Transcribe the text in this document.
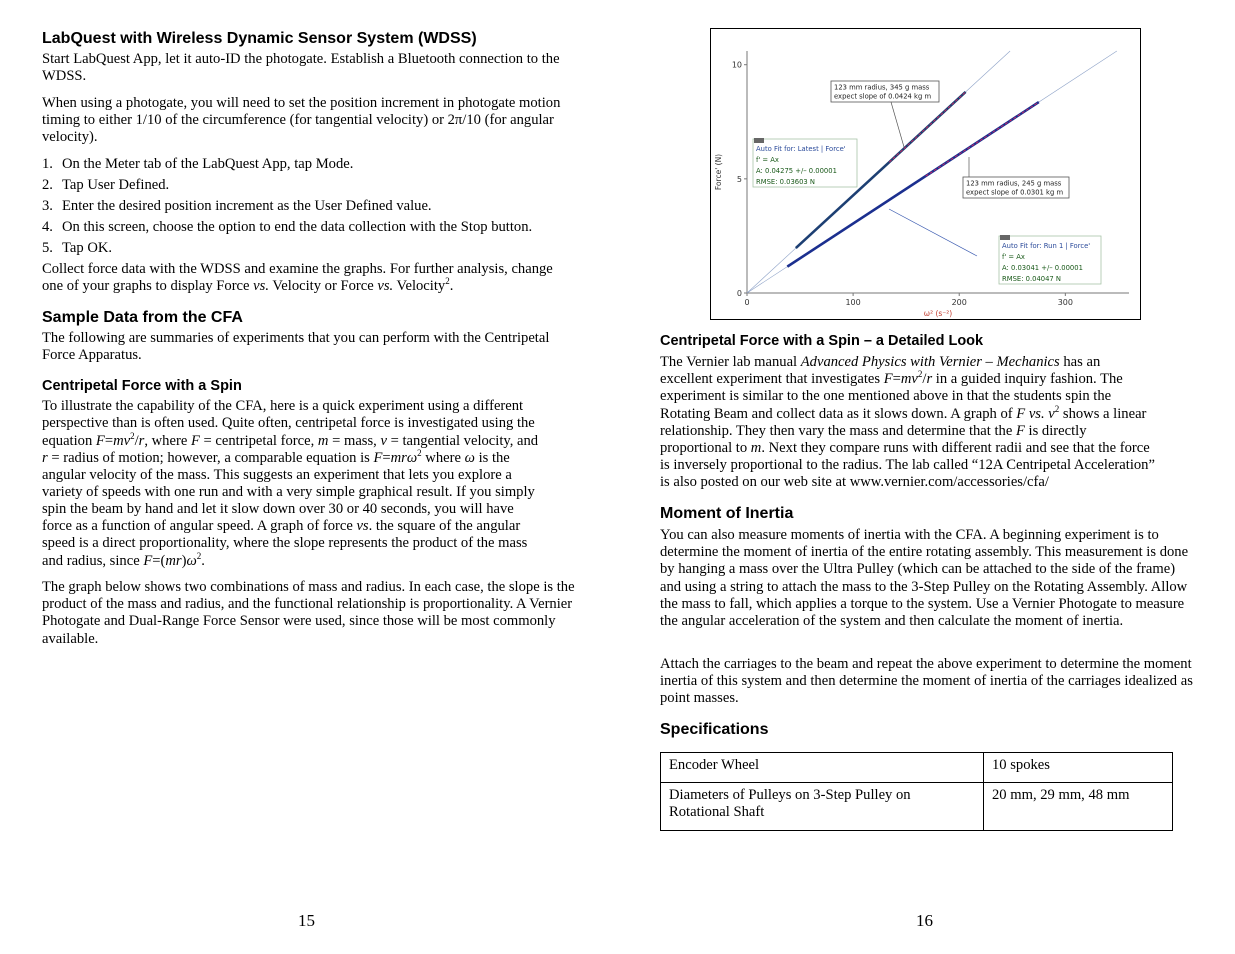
LabQuest with Wireless Dynamic Sensor System (WDSS)

Start LabQuest App, let it auto-ID the photogate. Establish a Bluetooth connection to the WDSS.

When using a photogate, you will need to set the position increment in photogate motion timing to either 1/10 of the circumference (for tangential velocity) or 2π/10 (for angular velocity).

1. On the Meter tab of the LabQuest App, tap Mode.
2. Tap User Defined.
3. Enter the desired position increment as the User Defined value.
4. On this screen, choose the option to end the data collection with the Stop button.
5. Tap OK.

Collect force data with the WDSS and examine the graphs. For further analysis, change one of your graphs to display Force vs. Velocity or Force vs. Velocity$^2$.

Sample Data from the CFA

The following are summaries of experiments that you can perform with the Centripetal Force Apparatus.

Centripetal Force with a Spin

To illustrate the capability of the CFA, here is a quick experiment using a different

perspective than is often used. Quite often, centripetal force is investigated using the

equation $F=mv^2/r$, where F = centripetal force, m = mass, v = tangential velocity, and

r = radius of motion; however, a comparable equation is F=mrω$^2$ where ω is the

angular velocity of the mass. This suggests an experiment that lets you explore a

variety of speeds with one run and with a very simple graphical result. If you simply

spin the beam by hand and let it slow down over 30 or 40 seconds, you will have

force as a function of angular speed. A graph of force vs. the square of the angular

speed is a direct proportionality, where the slope represents the product of the mass

and radius, since $F=(mr)\omega^2$.

The graph below shows two combinations of mass and radius. In each case, the slope is the product of the mass and radius, and the functional relationship is proportionality. A Vernier Photogate and Dual-Range Force Sensor were used, since those will be most commonly available.

15
0	100	200	300
0
5
10
ω² (s⁻²)
Force' (N)
123 mm radius, 345 g mass
expect slope of 0.0424 kg m
123 mm radius, 245 g mass
expect slope of 0.0301 kg m
Auto Fit for: Latest | Force'
f' = Ax
A: 0.04275 +/– 0.00001
RMSE: 0.03603 N
Auto Fit for: Run 1 | Force'
f' = Ax
A: 0.03041 +/– 0.00001
RMSE: 0.04047 N
Centripetal Force with a Spin – a Detailed Look

The Vernier lab manual Advanced Physics with Vernier – Mechanics has an

excellent experiment that investigates $F=mv^2/r$ in a guided inquiry fashion. The

experiment is similar to the one mentioned above in that the students spin the

Rotating Beam and collect data as it slows down. A graph of F vs. $v^2$ shows a linear

relationship. They then vary the mass and determine that the F is directly

proportional to m. Next they compare runs with different radii and see that the force

is inversely proportional to the radius. The lab called “12A Centripetal Acceleration”

is also posted on our web site at www.vernier.com/accessories/cfa/

Moment of Inertia

You can also measure moments of inertia with the CFA. A beginning experiment is to determine the moment of inertia of the entire rotating assembly. This measurement is done by hanging a mass over the Ultra Pulley (which can be attached to the side of the frame) and using a string to attach the mass to the 3-Step Pulley on the Rotating Assembly. Allow the mass to fall, which applies a torque to the system. Use a Vernier Photogate to measure the angular acceleration of the system and then calculate the moment of inertia.

Attach the carriages to the beam and repeat the above experiment to determine the moment inertia of this system and then determine the moment of inertia of the carriages idealized as point masses.

Specifications
Encoder Wheel	10 spokes
Diameters of Pulleys on 3-Step Pulley on Rotational Shaft	20 mm, 29 mm, 48 mm
16
